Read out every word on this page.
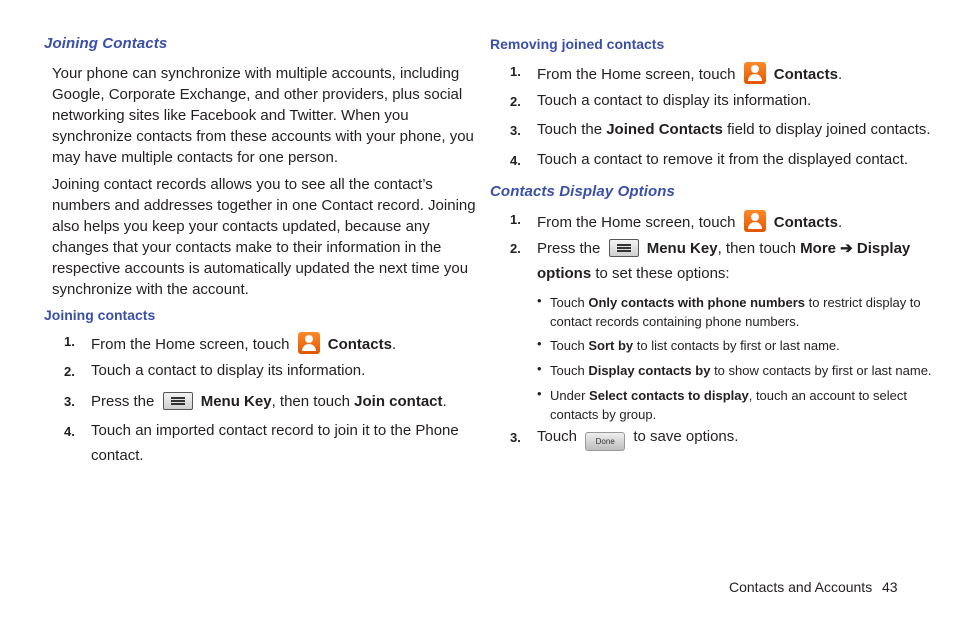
Joining Contacts
Your phone can synchronize with multiple accounts, including
Google, Corporate Exchange, and other providers, plus social
networking sites like Facebook and Twitter. When you
synchronize contacts from these accounts with your phone, you
may have multiple contacts for one person.
Joining contact records allows you to see all the contact’s
numbers and addresses together in one Contact record. Joining
also helps you keep your contacts updated, because any
changes that your contacts make to their information in the
respective accounts is automatically updated the next time you
synchronize with the account.
Joining contacts
1. From the Home screen, touch	Contacts.
2. Touch a contact to display its information.
3. Press the	Menu Key, then touch Join contact.
4. Touch an imported contact record to join it to the Phone
contact.
Removing joined contacts
1. From the Home screen, touch	Contacts.
2. Touch a contact to display its information.
3. Touch the Joined Contacts field to display joined contacts.
4. Touch a contact to remove it from the displayed contact.
Contacts Display Options
1. From the Home screen, touch	Contacts.
2. Press the	Menu Key, then touch More ➔ Display
options to set these options:
• Touch Only contacts with phone numbers to restrict display to
contact records containing phone numbers.
• Touch Sort by to list contacts by first or last name.
• Touch Display contacts by to show contacts by first or last name.
• Under Select contacts to display, touch an account to select
contacts by group.
3. Touch Done to save options.
Contacts and Accounts 43
